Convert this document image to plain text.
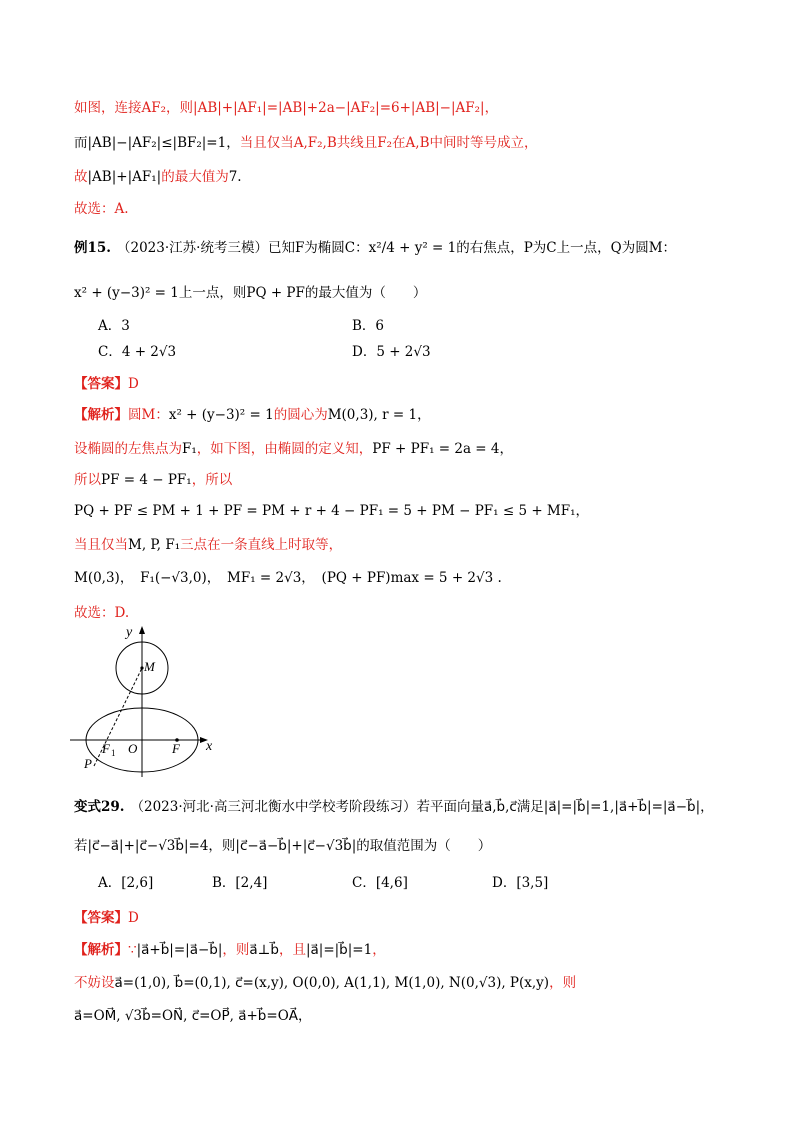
如图，连接AF₂，则|AB|+|AF₁|=|AB|+2a−|AF₂|=6+|AB|−|AF₂|，
而|AB|−|AF₂|≤|BF₂|=1，当且仅当A,F₂,B共线且F₂在A,B中间时等号成立，
故|AB|+|AF₁|的最大值为7.
故选：A.
例15. （2023·江苏·统考三模）已知F为椭圆C：x²/4 + y² = 1的右焦点，P为C上一点，Q为圆M：
x² + (y−3)² = 1上一点，则PQ + PF的最大值为（　　）
A．3	B．6
C．4 + 2√3	D．5 + 2√3
【答案】D
【解析】圆M：x² + (y−3)² = 1的圆心为M(0,3), r = 1，
设椭圆的左焦点为F₁，如下图，由椭圆的定义知，PF + PF₁ = 2a = 4，
所以PF = 4 − PF₁，所以
PQ + PF ≤ PM + 1 + PF = PM + r + 4 − PF₁ = 5 + PM − PF₁ ≤ 5 + MF₁，
当且仅当M, P, F₁三点在一条直线上时取等，
M(0,3)，　F₁(−√3,0)，　MF₁ = 2√3，　(PQ + PF)max = 5 + 2√3 .
故选：D.
y
x
M
O	F
F 1
P
变式29. （2023·河北·高三河北衡水中学校考阶段练习）若平面向量a⃗,b⃗,c⃗满足|a⃗|=|b⃗|=1,|a⃗+b⃗|=|a⃗−b⃗|，
若|c⃗−a⃗|+|c⃗−√3b⃗|=4，则|c⃗−a⃗−b⃗|+|c⃗−√3b⃗|的取值范围为（　　）
A．[2,6]	B．[2,4]	C．[4,6]	D．[3,5]
【答案】D
【解析】∵|a⃗+b⃗|=|a⃗−b⃗|，则a⃗⊥b⃗，且|a⃗|=|b⃗|=1，
不妨设a⃗=(1,0), b⃗=(0,1), c⃗=(x,y), O(0,0), A(1,1), M(1,0), N(0,√3), P(x,y)，则
a⃗=OM⃗, √3b⃗=ON⃗, c⃗=OP⃗, a⃗+b⃗=OA⃗，
